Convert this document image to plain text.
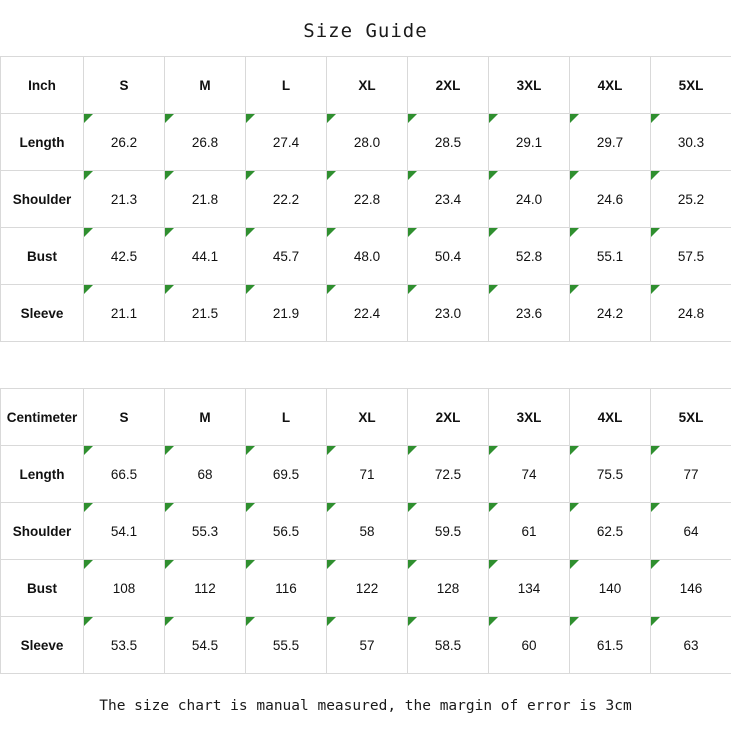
Size Guide
Inch	S	M	L	XL	2XL	3XL	4XL	5XL
Length	26.2	26.8	27.4	28.0	28.5	29.1	29.7	30.3
Shoulder	21.3	21.8	22.2	22.8	23.4	24.0	24.6	25.2
Bust	42.5	44.1	45.7	48.0	50.4	52.8	55.1	57.5
Sleeve	21.1	21.5	21.9	22.4	23.0	23.6	24.2	24.8
Centimeter	S	M	L	XL	2XL	3XL	4XL	5XL
Length	66.5	68	69.5	71	72.5	74	75.5	77
Shoulder	54.1	55.3	56.5	58	59.5	61	62.5	64
Bust	108	112	116	122	128	134	140	146
Sleeve	53.5	54.5	55.5	57	58.5	60	61.5	63
The size chart is manual measured, the margin of error is 3cm
